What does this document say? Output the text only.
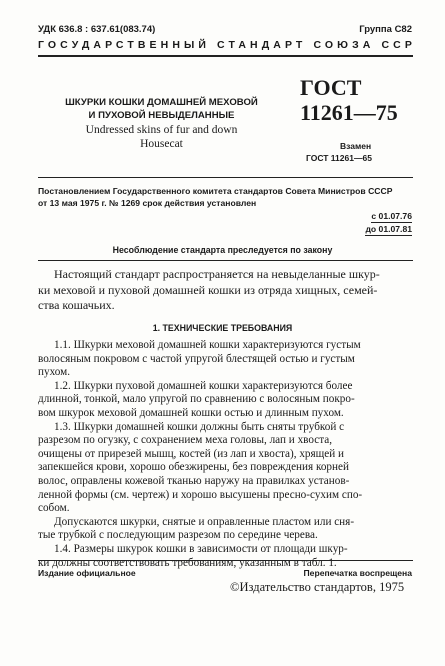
УДК 636.8 : 637.61(083.74)	Группа С82
ГОСУДАРСТВЕННЫЙ СТАНДАРТ СОЮЗА ССР
ШКУРКИ КОШКИ ДОМАШНЕЙ МЕХОВОЙ
И ПУХОВОЙ НЕВЫДЕЛАННЫЕ
Undressed skins of fur and down
Housecat
ГОСТ
11261—75
Взамен
ГОСТ 11261—65
Постановлением Государственного комитета стандартов Совета Министров СССР
от 13 мая 1975 г. № 1269 срок действия установлен
с 01.07.76
до 01.07.81
Несоблюдение стандарта преследуется по закону
Настоящий стандарт распространяется на невыделанные шкур-
ки меховой и пуховой домашней кошки из отряда хищных, семей-
ства кошачьих.
1. ТЕХНИЧЕСКИЕ ТРЕБОВАНИЯ
1.1. Шкурки меховой домашней кошки характеризуются густым
волосяным покровом с частой упругой блестящей остью и густым
пухом.
1.2. Шкурки пуховой домашней кошки характеризуются более
длинной, тонкой, мало упругой по сравнению с волосяным покро-
вом шкурок меховой домашней кошки остью и длинным пухом.
1.3. Шкурки домашней кошки должны быть сняты трубкой с
разрезом по огузку, с сохранением меха головы, лап и хвоста,
очищены от прирезей мышц, костей (из лап и хвоста), хрящей и
запекшейся крови, хорошо обезжирены, без повреждения корней
волос, оправлены кожевой тканью наружу на правилках установ-
ленной формы (см. чертеж) и хорошо высушены пресно-сухим спо-
собом.
Допускаются шкурки, снятые и оправленные пластом или сня-
тые трубкой с последующим разрезом по середине черева.
1.4. Размеры шкурок кошки в зависимости от площади шкур-
ки должны соответствовать требованиям, указанным в табл. 1.
Издание официальное	Перепечатка воспрещена
©Издательство стандартов, 1975
